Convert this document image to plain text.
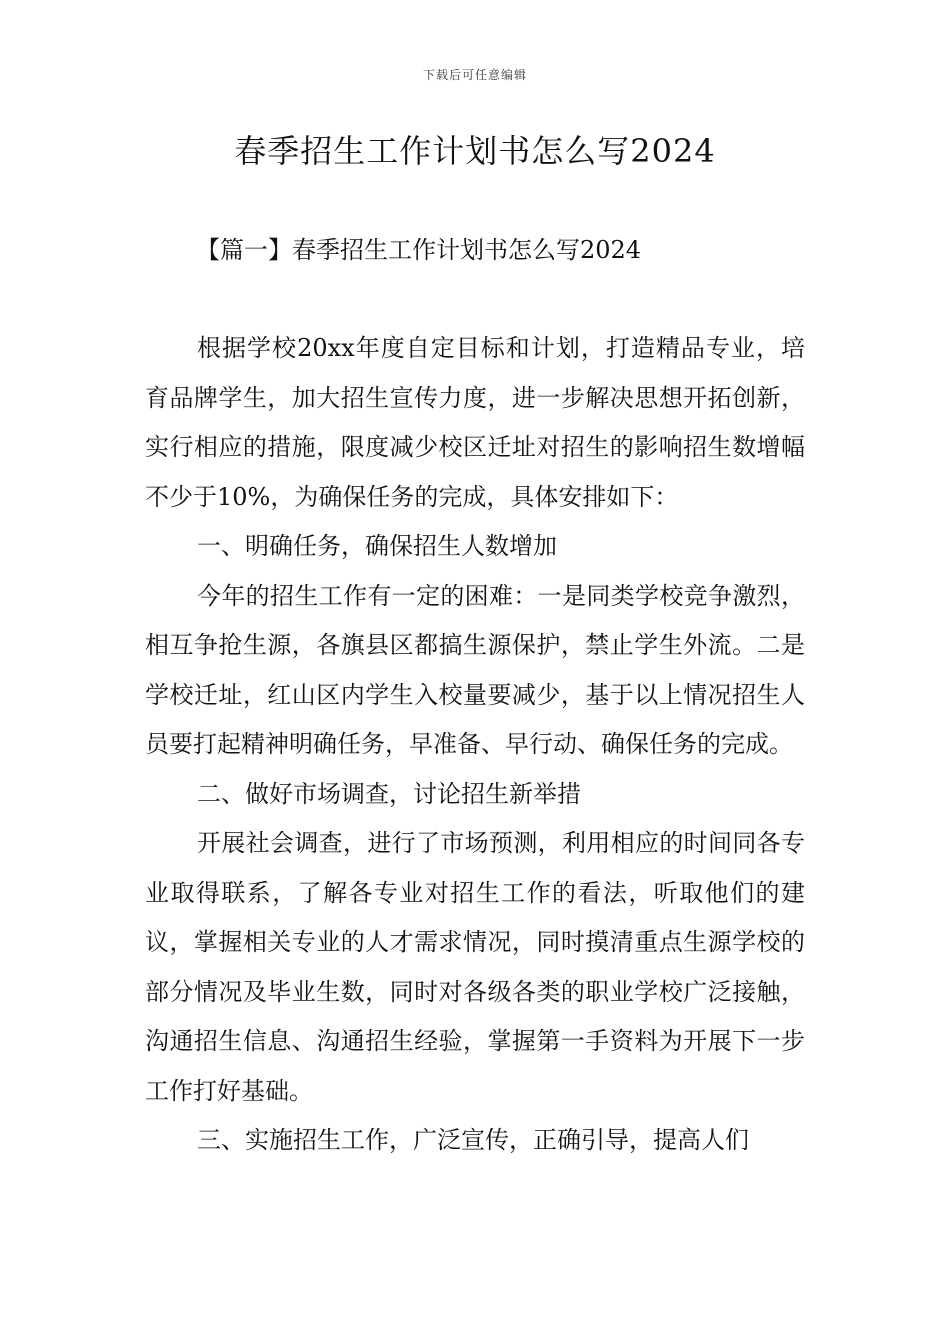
下载后可任意编辑
春季招生工作计划书怎么写2024
【篇一】春季招生工作计划书怎么写2024

根据学校20xx年度自定目标和计划，打造精品专业，培育品牌学生，加大招生宣传力度，进一步解决思想开拓创新，实行相应的措施，限度减少校区迁址对招生的影响招生数增幅不少于10%，为确保任务的完成，具体安排如下：

一、明确任务，确保招生人数增加

今年的招生工作有一定的困难：一是同类学校竞争激烈，相互争抢生源，各旗县区都搞生源保护，禁止学生外流。二是学校迁址，红山区内学生入校量要减少，基于以上情况招生人员要打起精神明确任务，早准备、早行动、确保任务的完成。

二、做好市场调查，讨论招生新举措

开展社会调查，进行了市场预测，利用相应的时间同各专业取得联系，了解各专业对招生工作的看法，听取他们的建议，掌握相关专业的人才需求情况，同时摸清重点生源学校的部分情况及毕业生数，同时对各级各类的职业学校广泛接触，沟通招生信息、沟通招生经验，掌握第一手资料为开展下一步工作打好基础。

三、实施招生工作，广泛宣传，正确引导，提高人们
